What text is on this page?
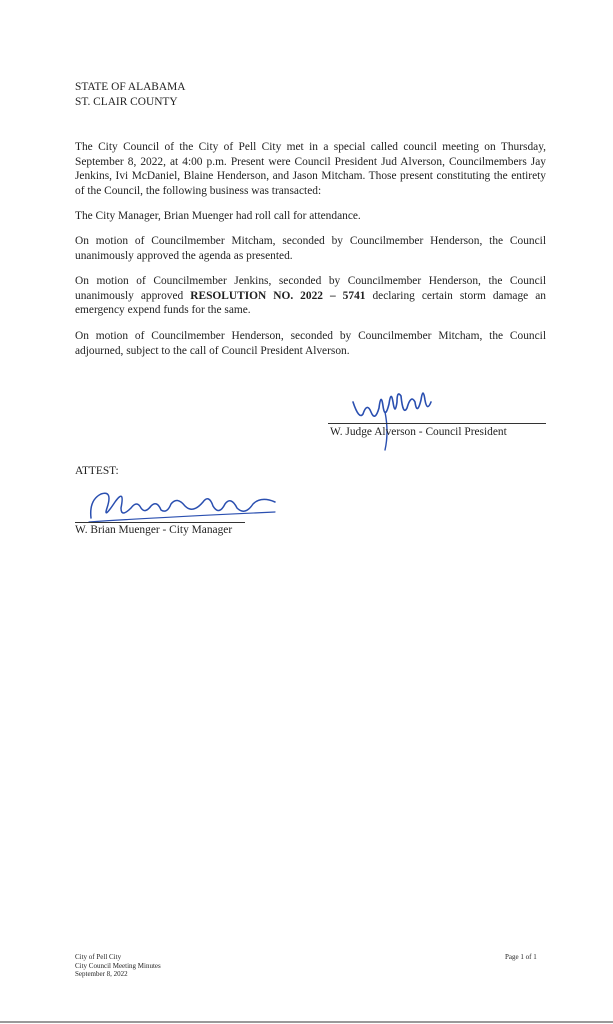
STATE OF ALABAMA
ST. CLAIR COUNTY

The City Council of the City of Pell City met in a special called council meeting on Thursday, September 8, 2022, at 4:00 p.m. Present were Council President Jud Alverson, Councilmembers Jay Jenkins, Ivi McDaniel, Blaine Henderson, and Jason Mitcham. Those present constituting the entirety of the Council, the following business was transacted:

The City Manager, Brian Muenger had roll call for attendance.

On motion of Councilmember Mitcham, seconded by Councilmember Henderson, the Council unanimously approved the agenda as presented.

On motion of Councilmember Jenkins, seconded by Councilmember Henderson, the Council unanimously approved RESOLUTION NO. 2022 – 5741 declaring certain storm damage an emergency expend funds for the same.

On motion of Councilmember Henderson, seconded by Councilmember Mitcham, the Council adjourned, subject to the call of Council President Alverson.

W. Judge Alverson - Council President
ATTEST:
W. Brian Muenger - City Manager
City of Pell City
City Council Meeting Minutes
September 8, 2022
Page 1 of 1
